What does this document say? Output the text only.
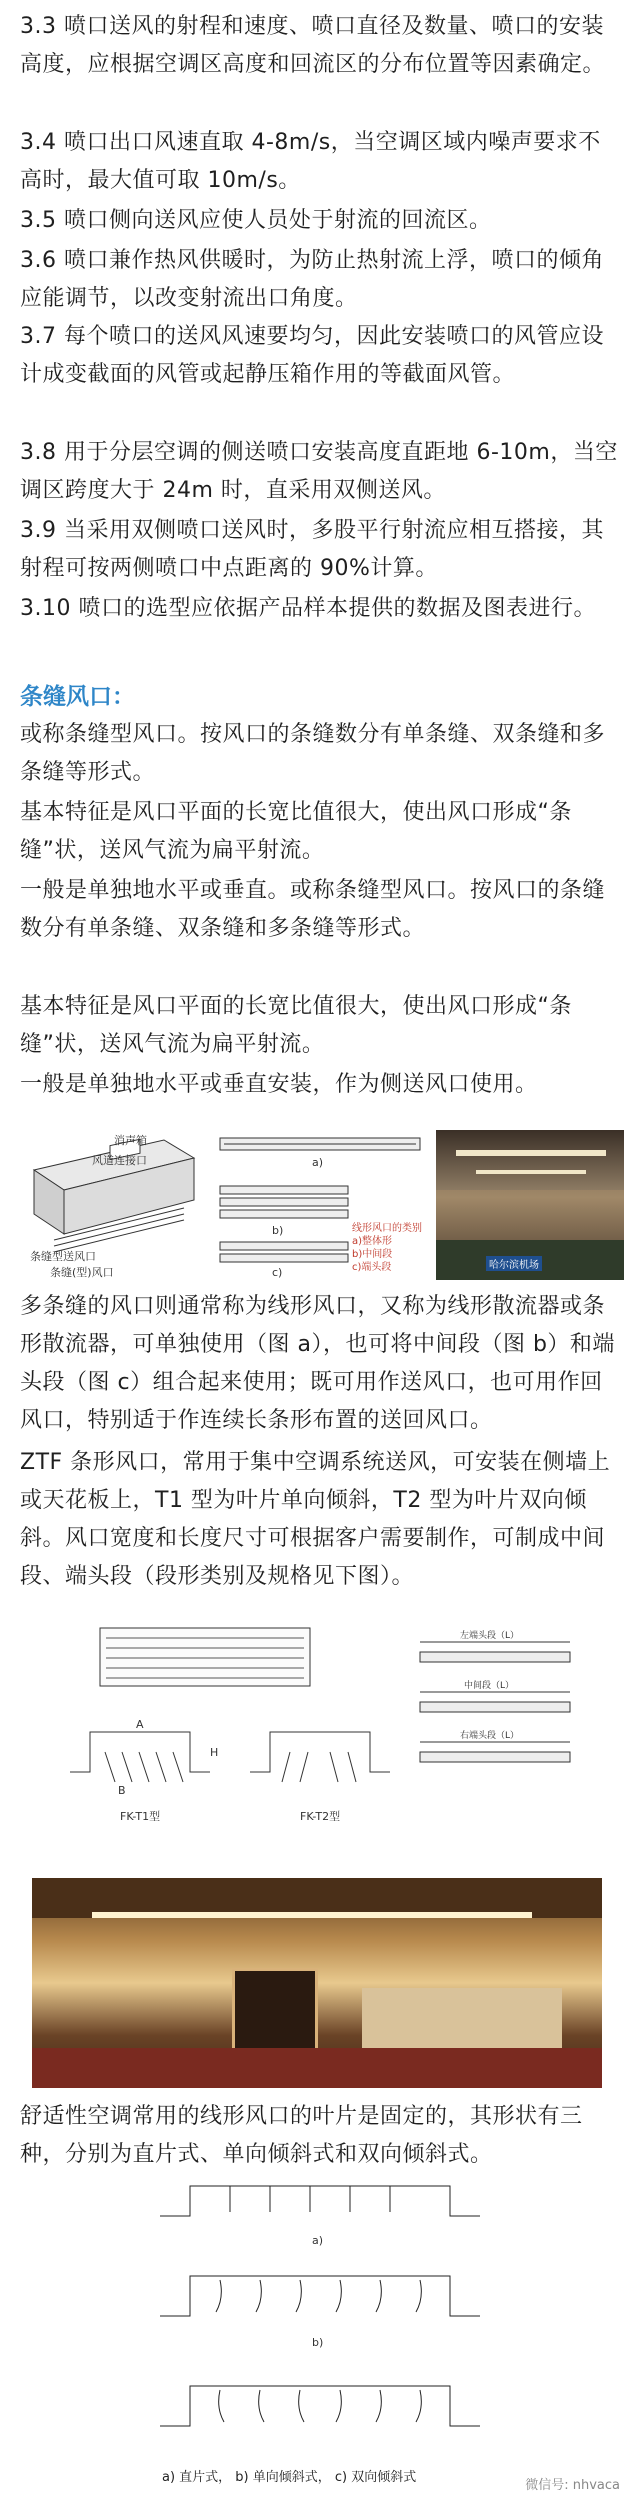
3.3 喷口送风的射程和速度、喷口直径及数量、喷口的安装高度，应根据空调区高度和回流区的分布位置等因素确定。
3.4 喷口出口风速直取 4-8m/s，当空调区域内噪声要求不高时，最大值可取 10m/s。
3.5 喷口侧向送风应使人员处于射流的回流区。
3.6 喷口兼作热风供暖时，为防止热射流上浮，喷口的倾角应能调节，以改变射流出口角度。
3.7 每个喷口的送风风速要均匀，因此安装喷口的风管应设计成变截面的风管或起静压箱作用的等截面风管。
3.8 用于分层空调的侧送喷口安装高度直距地 6-10m，当空调区跨度大于 24m 时，直采用双侧送风。
3.9 当采用双侧喷口送风时，多股平行射流应相互搭接，其射程可按两侧喷口中点距离的 90%计算。
3.10 喷口的选型应依据产品样本提供的数据及图表进行。
条缝风口：
或称条缝型风口。按风口的条缝数分有单条缝、双条缝和多条缝等形式。
基本特征是风口平面的长宽比值很大，使出风口形成“条缝”状，送风气流为扁平射流。
一般是单独地水平或垂直。或称条缝型风口。按风口的条缝数分有单条缝、双条缝和多条缝等形式。
基本特征是风口平面的长宽比值很大，使出风口形成“条缝”状，送风气流为扁平射流。
一般是单独地水平或垂直安装，作为侧送风口使用。
消声箱
风道连接口
条缝型送风口
条缝(型)风口
a)
b)
c)
线形风口的类别
a)整体形
b)中间段
c)端头段	哈尔滨机场
多条缝的风口则通常称为线形风口，又称为线形散流器或条形散流器，可单独使用（图 a），也可将中间段（图 b）和端头段（图 c）组合起来使用；既可用作送风口，也可用作回风口，特别适于作连续长条形布置的送回风口。
ZTF 条形风口，常用于集中空调系统送风，可安装在侧墙上或天花板上，T1 型为叶片单向倾斜，T2 型为叶片双向倾斜。风口宽度和长度尺寸可根据客户需要制作，可制成中间段、端头段（段形类别及规格见下图）。
A
B
H
FK-T1型	FK-T2型
左端头段（L）
中间段（L）
右端头段（L）
舒适性空调常用的线形风口的叶片是固定的，其形状有三种，分别为直片式、单向倾斜式和双向倾斜式。
a)
b)
a) 直片式， b) 单向倾斜式， c) 双向倾斜式
微信号: nhvaca
